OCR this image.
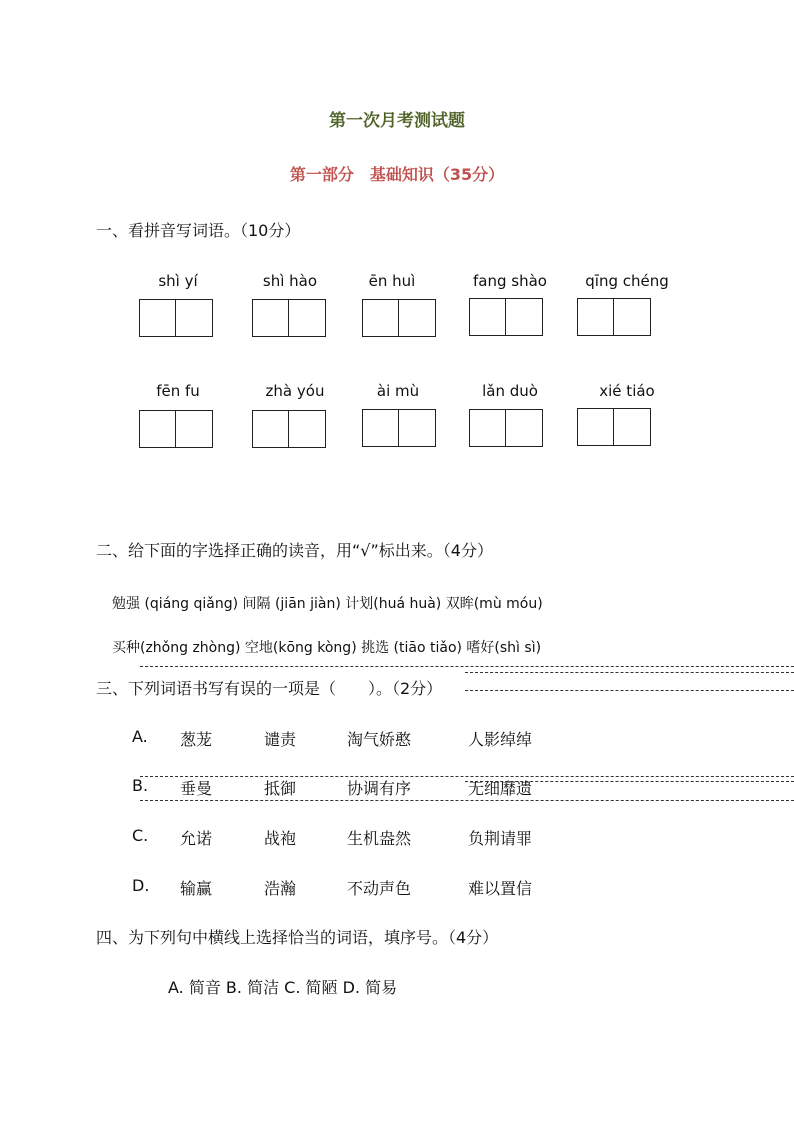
第一次月考测试题
第一部分　基础知识（35分）
一、看拼音写词语。（10分）
shì yí	shì hào	ēn huì	fang shào	qīng chéng
fēn fu	zhà yóu	ài mù	lǎn duò	xié tiáo
二、给下面的字选择正确的读音，用“√”标出来。（4分）
勉强 (qiáng qiǎng) 间隔 (jiān jiàn) 计划(huá huà) 双眸(mù móu)
买种(zhǒng zhòng) 空地(kōng kòng) 挑选 (tiāo tiǎo) 嗜好(shì sì)
三、下列词语书写有误的一项是（　　）。（2分）
A. 葱茏	谴责	淘气娇憨	人影绰绰
B. 垂曼	抵御	协调有序	无细靡遗
C. 允诺	战袍	生机盎然	负荆请罪
D. 输赢	浩瀚	不动声色	难以置信
四、为下列句中横线上选择恰当的词语，填序号。（4分）
A. 简音 B. 简洁 C. 简陋 D. 简易
